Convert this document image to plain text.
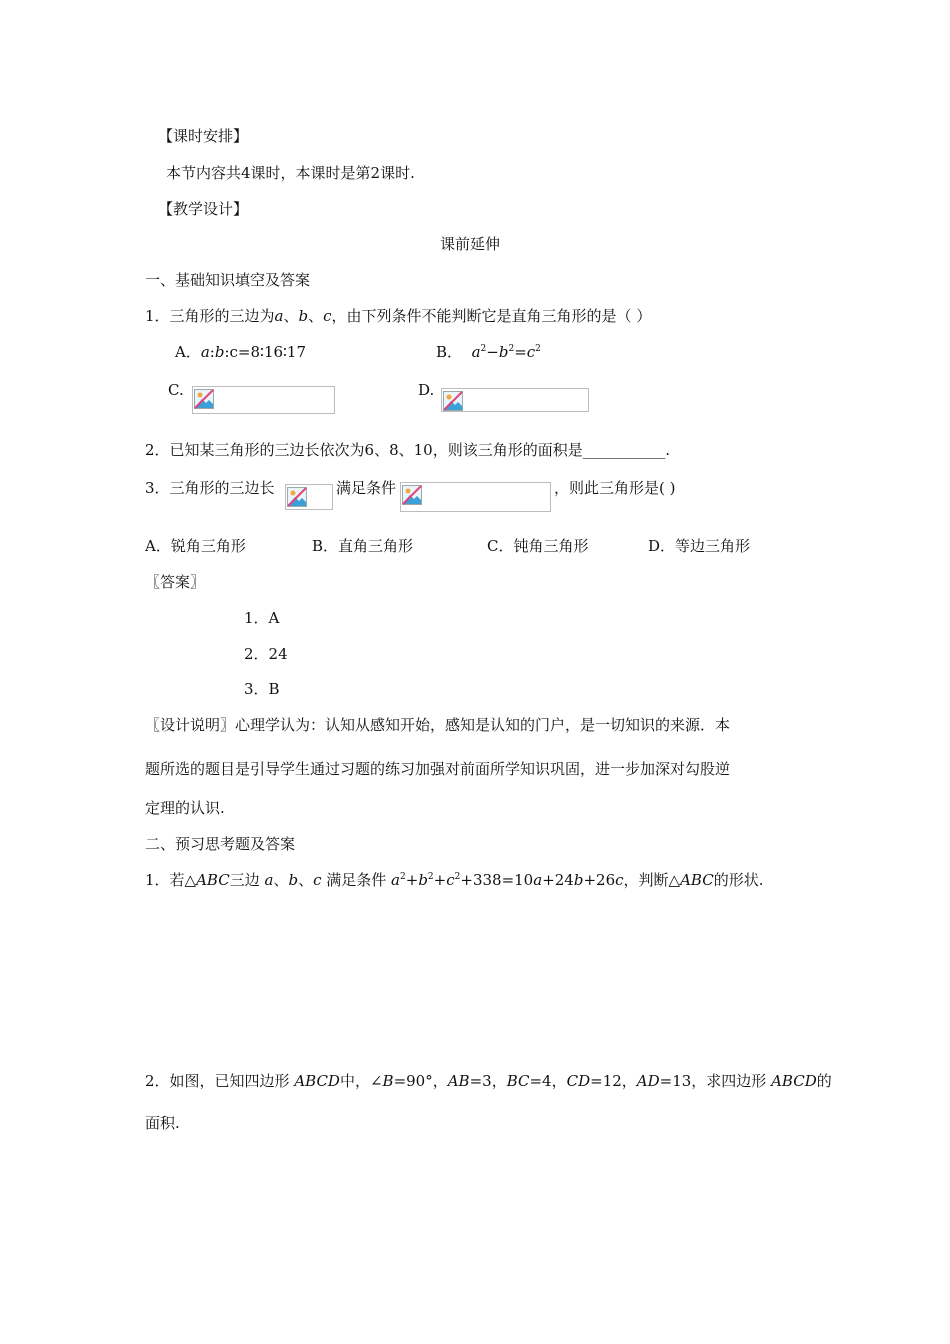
【课时安排】
本节内容共4课时，本课时是第2课时.
【教学设计】
课前延伸
一、基础知识填空及答案
1．三角形的三边为a、b、c，由下列条件不能判断它是直角三角形的是（ ）
A．a:b:c=8∶16∶17	B． $a^2-b^2=c^2$
C.	D.
2．已知某三角形的三边长依次为6、8、10，则该三角形的面积是___________.
3．三角形的三边长	满足条件	，则此三角形是( )
A．锐角三角形	B．直角三角形	C．钝角三角形	D．等边三角形
〖答案〗
1．A
2．24
3．B
〖设计说明〗心理学认为：认知从感知开始，感知是认知的门户，是一切知识的来源．本
题所选的题目是引导学生通过习题的练习加强对前面所学知识巩固，进一步加深对勾股逆
定理的认识.
二、预习思考题及答案
1．若△ABC三边 a、b、c 满足条件 $a^2+b^2+c^2+338=10a+24b+26c$，判断△ABC的形状.
2．如图，已知四边形 ABCD中，∠B=90°，AB=3，BC=4，CD=12，AD=13，求四边形 ABCD的
面积.
